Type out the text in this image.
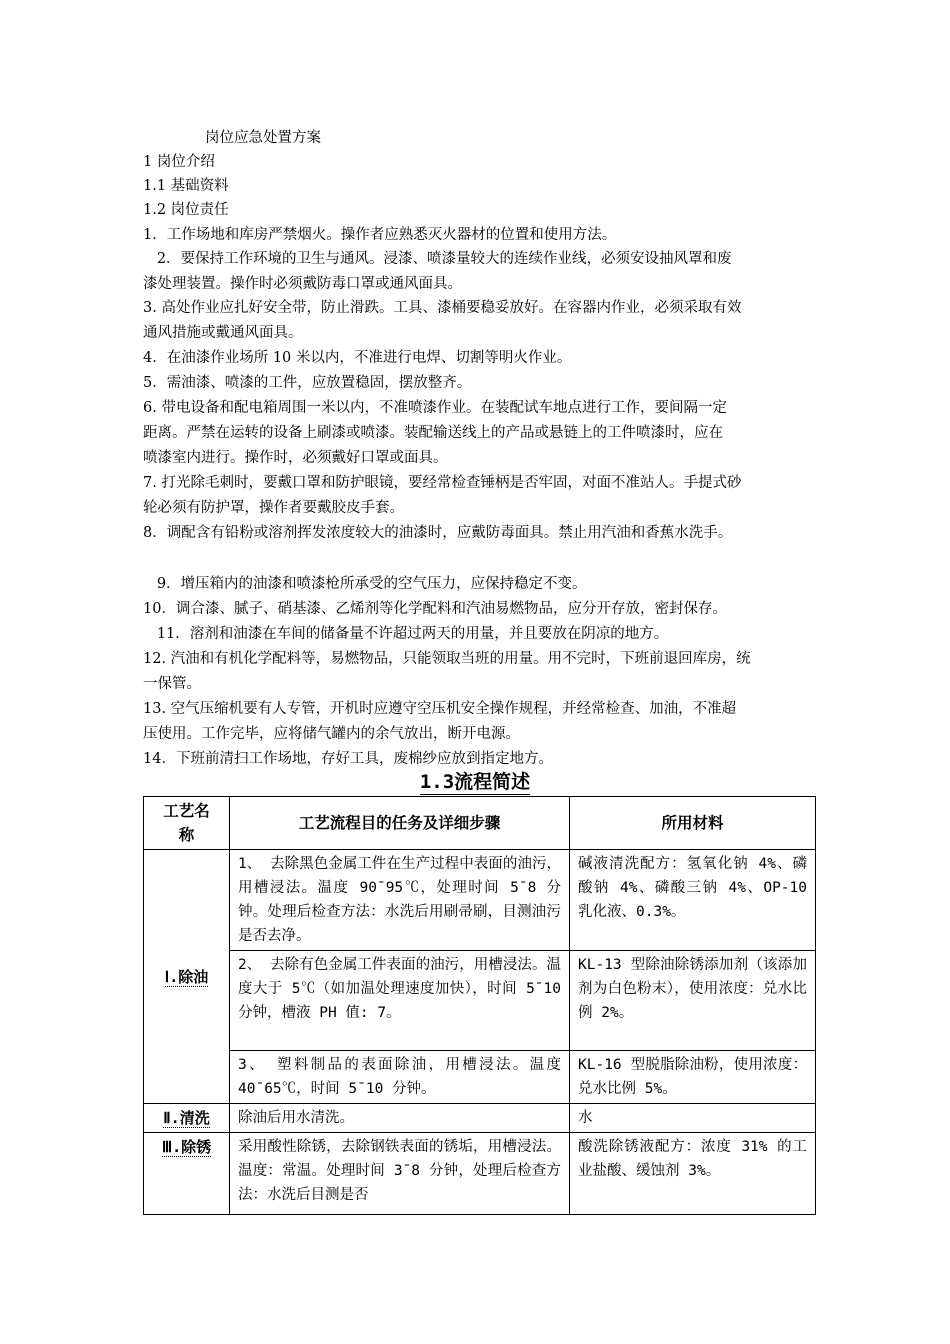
岗位应急处置方案
1 岗位介绍
1.1 基础资料
1.2 岗位责任
1．工作场地和库房严禁烟火。操作者应熟悉灭火器材的位置和使用方法。
2．要保持工作环境的卫生与通风。浸漆、喷漆量较大的连续作业线，必须安设抽风罩和废
漆处理装置。操作时必须戴防毒口罩或通风面具。
3. 高处作业应扎好安全带，防止滑跌。工具、漆桶要稳妥放好。在容器内作业，必须采取有效
通风措施或戴通风面具。
4．在油漆作业场所 10 米以内，不准进行电焊、切割等明火作业。
5．需油漆、喷漆的工件，应放置稳固，摆放整齐。
6. 带电设备和配电箱周围一米以内，不准喷漆作业。在装配试车地点进行工作，要间隔一定
距离。严禁在运转的设备上刷漆或喷漆。装配输送线上的产品或悬链上的工件喷漆时，应在
喷漆室内进行。操作时，必须戴好口罩或面具。
7. 打光除毛刺时，要戴口罩和防护眼镜，要经常检查锤柄是否牢固，对面不准站人。手提式砂
轮必须有防护罩，操作者要戴胶皮手套。
8．调配含有铅粉或溶剂挥发浓度较大的油漆时，应戴防毒面具。禁止用汽油和香蕉水洗手。
9．增压箱内的油漆和喷漆枪所承受的空气压力，应保持稳定不变。
10．调合漆、腻子、硝基漆、乙烯剂等化学配料和汽油易燃物品，应分开存放，密封保存。
11．溶剂和油漆在车间的储备量不许超过两天的用量，并且要放在阴凉的地方。
12. 汽油和有机化学配料等，易燃物品，只能领取当班的用量。用不完时，下班前退回库房，统
一保管。
13. 空气压缩机要有人专管，开机时应遵守空压机安全操作规程，并经常检查、加油，不准超
压使用。工作完毕，应将储气罐内的余气放出，断开电源。
14．下班前清扫工作场地，存好工具，废棉纱应放到指定地方。
1.3流程简述
工艺名称	工艺流程目的任务及详细步骤	所用材料
Ⅰ.除油	1、 去除黑色金属工件在生产过程中表面的油污，用槽浸法。温度 90¯95℃，处理时间 5¯8 分钟。处理后检查方法：水洗后用刷帚刷，目测油污是否去净。	碱液清洗配方：氢氧化钠 4%、磷酸钠 4%、磷酸三钠 4%、OP-10 乳化液、0.3%。
	2、 去除有色金属工件表面的油污，用槽浸法。温度大于 5℃（如加温处理速度加快），时间 5¯10 分钟，槽液 PH 值: 7。	KL-13 型除油除锈添加剂（该添加剂为白色粉末），使用浓度：兑水比例 2%。
	3、 塑料制品的表面除油，用槽浸法。温度 40¯65℃，时间 5¯10 分钟。	KL-16 型脱脂除油粉，使用浓度：兑水比例 5%。
Ⅱ.清洗	除油后用水清洗。	水
Ⅲ.除锈	采用酸性除锈，去除钢铁表面的锈垢，用槽浸法。温度：常温。处理时间 3¯8 分钟，处理后检查方法：水洗后目测是否	酸洗除锈液配方：浓度 31% 的工业盐酸、缓蚀剂 3%。
